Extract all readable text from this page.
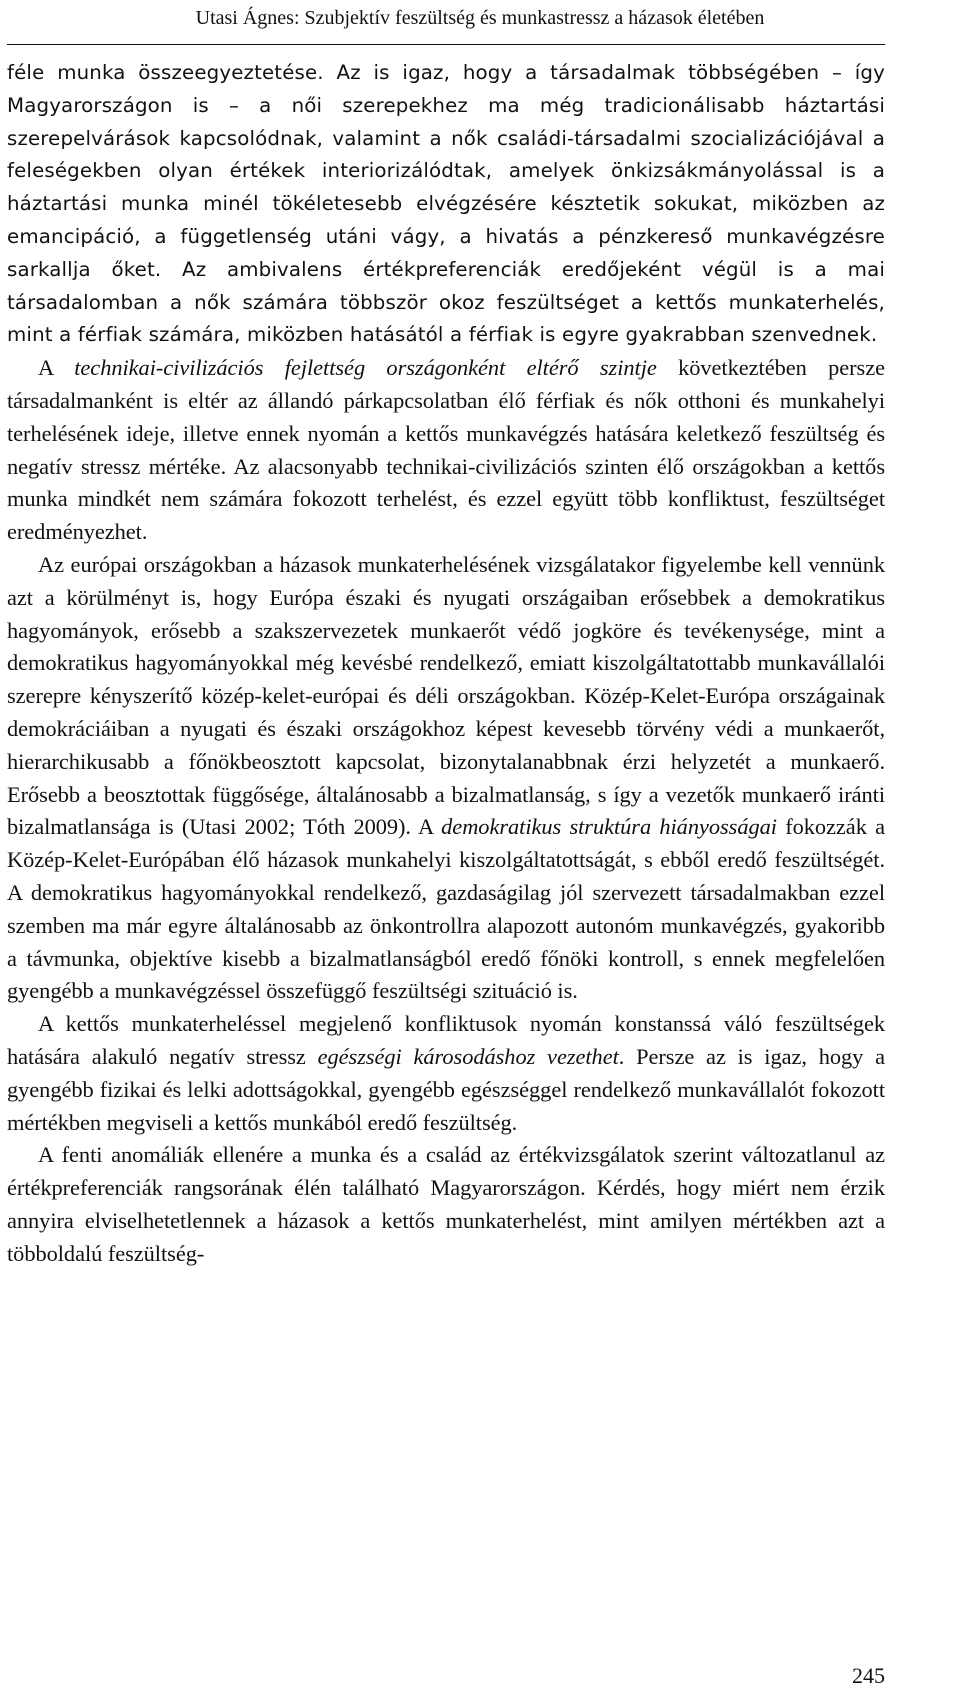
Utasi Ágnes: Szubjektív feszültség és munkastressz a házasok életében

féle munka összeegyeztetése. Az is igaz, hogy a társadalmak többségében – így Magyarországon is – a női szerepekhez ma még tradicionálisabb háztartási szerepelvárások kapcsolódnak, valamint a nők családi-társadalmi szocializációjával a feleségekben olyan értékek interiorizálódtak, amelyek önkizsákmányolással is a háztartási munka minél tökéletesebb elvégzésére késztetik sokukat, miközben az emancipáció, a függetlenség utáni vágy, a hivatás a pénzkereső munkavégzésre sarkallja őket. Az ambivalens értékpreferenciák eredőjeként végül is a mai társadalomban a nők számára többször okoz feszültséget a kettős munkaterhelés, mint a férfiak számára, miközben hatásától a férfiak is egyre gyakrabban szenvednek.

A technikai-civilizációs fejlettség országonként eltérő szintje következtében persze társadalmanként is eltér az állandó párkapcsolatban élő férfiak és nők otthoni és munkahelyi terhelésének ideje, illetve ennek nyomán a kettős munkavégzés hatására keletkező feszültség és negatív stressz mértéke. Az alacsonyabb technikai-civilizációs szinten élő országokban a kettős munka mindkét nem számára fokozott terhelést, és ezzel együtt több konfliktust, feszültséget eredményezhet.

Az európai országokban a házasok munkaterhelésének vizsgálatakor figyelembe kell vennünk azt a körülményt is, hogy Európa északi és nyugati országaiban erősebbek a demokratikus hagyományok, erősebb a szakszervezetek munkaerőt védő jogköre és tevékenysége, mint a demokratikus hagyományokkal még kevésbé rendelkező, emiatt kiszolgáltatottabb munkavállalói szerepre kényszerítő közép-kelet-európai és déli országokban. Közép-Kelet-Európa országainak demokráciáiban a nyugati és északi országokhoz képest kevesebb törvény védi a munkaerőt, hierarchikusabb a főnökbeosztott kapcsolat, bizonytalanabbnak érzi helyzetét a munkaerő. Erősebb a beosztottak függősége, általánosabb a bizalmatlanság, s így a vezetők munkaerő iránti bizalmatlansága is (Utasi 2002; Tóth 2009). A demokratikus struktúra hiányosságai fokozzák a Közép-Kelet-Európában élő házasok munkahelyi kiszolgáltatottságát, s ebből eredő feszültségét. A demokratikus hagyományokkal rendelkező, gazdaságilag jól szervezett társadalmakban ezzel szemben ma már egyre általánosabb az önkontrollra alapozott autonóm munkavégzés, gyakoribb a távmunka, objektíve kisebb a bizalmatlanságból eredő főnöki kontroll, s ennek megfelelően gyengébb a munkavégzéssel összefüggő feszültségi szituáció is.

A kettős munkaterheléssel megjelenő konfliktusok nyomán konstanssá váló feszültségek hatására alakuló negatív stressz egészségi károsodáshoz vezethet. Persze az is igaz, hogy a gyengébb fizikai és lelki adottságokkal, gyengébb egészséggel rendelkező munkavállalót fokozott mértékben megviseli a kettős munkából eredő feszültség.

A fenti anomáliák ellenére a munka és a család az értékvizsgálatok szerint változatlanul az értékpreferenciák rangsorának élén található Magyarországon. Kérdés, hogy miért nem érzik annyira elviselhetetlennek a házasok a kettős munkaterhelést, mint amilyen mértékben azt a többoldalú feszültség-

245
